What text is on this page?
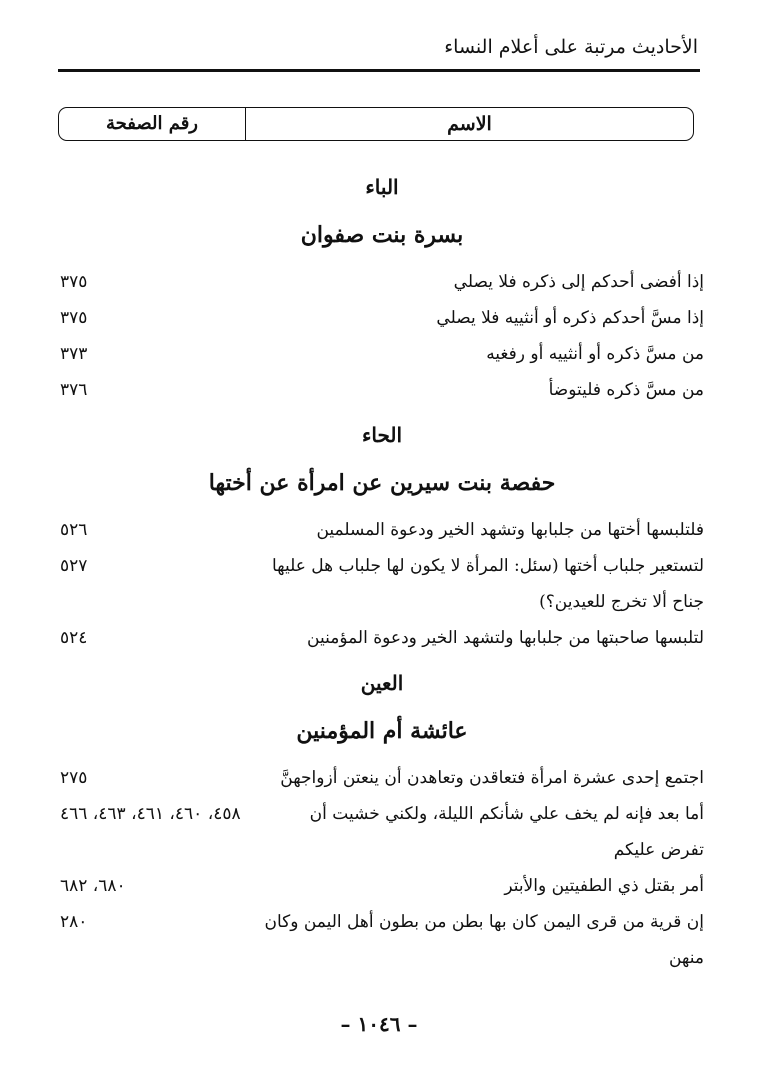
الأحاديث مرتبة على أعلام النساء
الاسم
رقم الصفحة
الباء
بسرة بنت صفوان
إذا أفضى أحدكم إلى ذكره فلا يصلي
٣٧٥
إذا مسَّ أحدكم ذكره أو أنثييه فلا يصلي
٣٧٥
من مسَّ ذكره أو أنثييه أو رفغيه
٣٧٣
من مسَّ ذكره فليتوضأ
٣٧٦
الحاء
حفصة بنت سيرين عن امرأة عن أختها
فلتلبسها أختها من جلبابها وتشهد الخير ودعوة المسلمين
٥٢٦
لتستعير جلباب أختها (سئل: المرأة لا يكون لها جلباب هل عليها جناح ألا تخرج للعيدين؟)
٥٢٧
لتلبسها صاحبتها من جلبابها ولتشهد الخير ودعوة المؤمنين
٥٢٤
العين
عائشة أم المؤمنين
اجتمع إحدى عشرة امرأة فتعاقدن وتعاهدن أن ينعتن أزواجهنَّ
٢٧٥
أما بعد فإنه لم يخف علي شأنكم الليلة، ولكني خشيت أن تفرض عليكم
٤٥٨، ٤٦٠، ٤٦١، ٤٦٣، ٤٦٦
أمر بقتل ذي الطفيتين والأبتر
٦٨٠، ٦٨٢
إن قرية من قرى اليمن كان بها بطن من بطون أهل اليمن وكان منهن
٢٨٠
– ١٠٤٦ –
